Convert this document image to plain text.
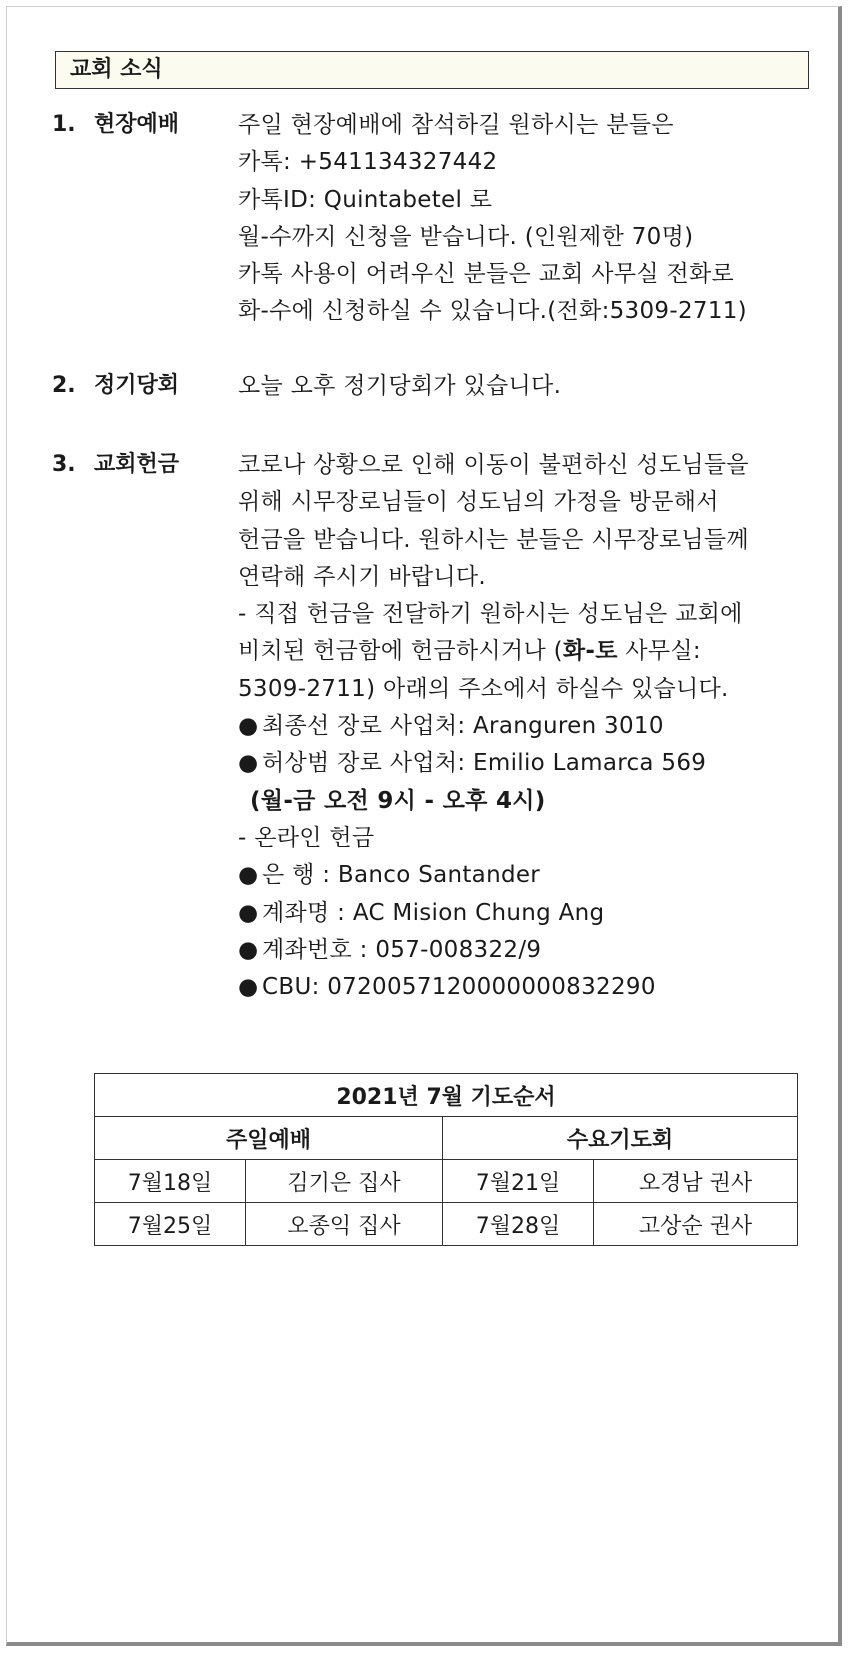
교회 소식
1. 현장예배	주일 현장예배에 참석하길 원하시는 분들은
카톡: +541134327442
카톡ID: Quintabetel 로
월-수까지 신청을 받습니다. (인원제한 70명)
카톡 사용이 어려우신 분들은 교회 사무실 전화로
화-수에 신청하실 수 있습니다.(전화:5309-2711)
2. 정기당회	오늘 오후 정기당회가 있습니다.
3. 교회헌금	코로나 상황으로 인해 이동이 불편하신 성도님들을
위해 시무장로님들이 성도님의 가정을 방문해서
헌금을 받습니다. 원하시는 분들은 시무장로님들께
연락해 주시기 바랍니다.
- 직접 헌금을 전달하기 원하시는 성도님은 교회에
비치된 헌금함에 헌금하시거나 (화-토 사무실:
5309-2711) 아래의 주소에서 하실수 있습니다.
● 최종선 장로 사업처: Aranguren 3010
● 허상범 장로 사업처: Emilio Lamarca 569
(월-금 오전 9시 - 오후 4시)
- 온라인 헌금
● 은 행 : Banco Santander
● 계좌명 : AC Mision Chung Ang
● 계좌번호 : 057-008322/9
● CBU: 0720057120000000832290
2021년 7월 기도순서			
주일예배		수요기도회	
7월18일	김기은 집사	7월21일	오경남 권사
7월25일	오종익 집사	7월28일	고상순 권사
